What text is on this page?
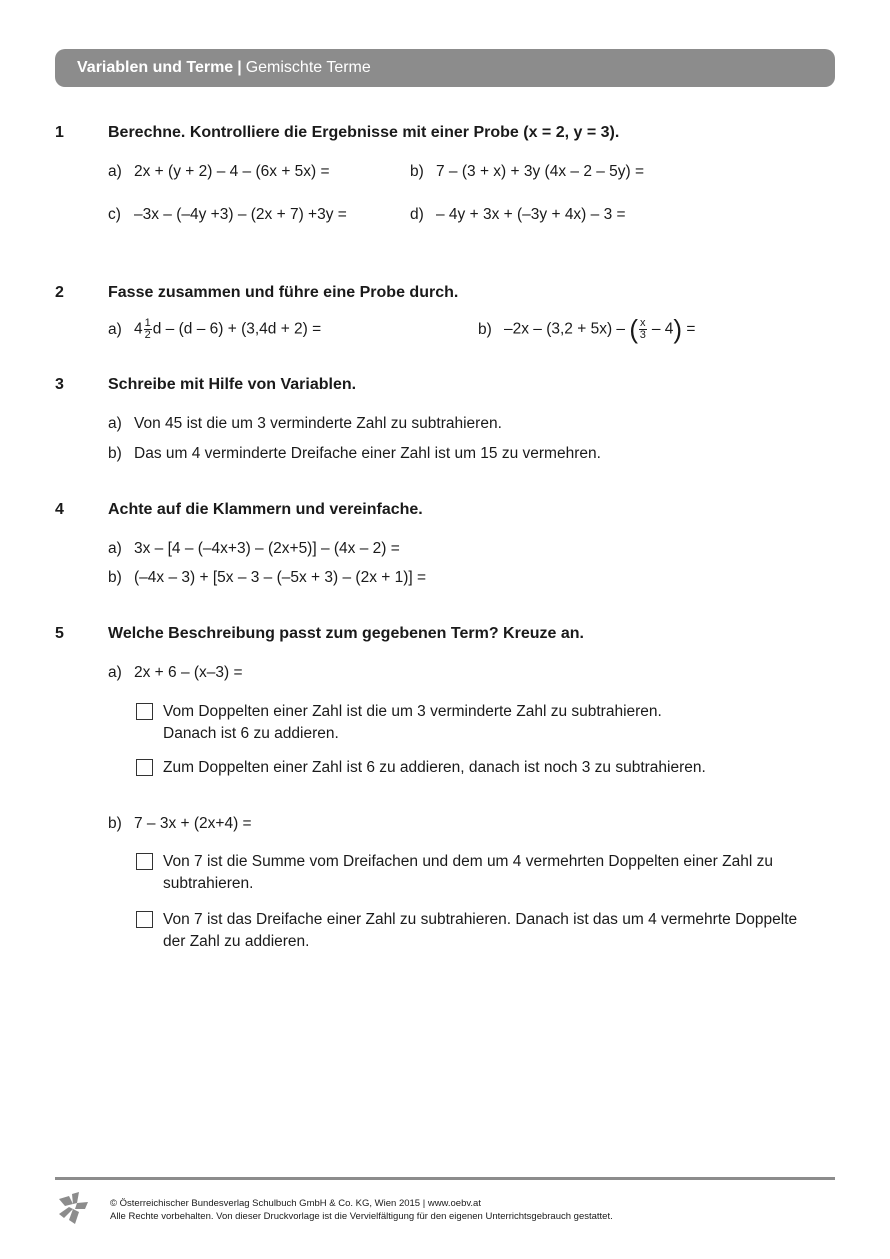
Variablen und Terme | Gemischte Terme
1	Berechne. Kontrolliere die Ergebnisse mit einer Probe (x = 2, y = 3).
a) 2x + (y + 2) – 4 – (6x + 5x) =	b) 7 – (3 + x) + 3y (4x – 2 – 5y) =
c) –3x – (–4y +3) – (2x + 7) +3y =	d) – 4y + 3x + (–3y + 4x) – 3 =
2	Fasse zusammen und führe eine Probe durch.
a) $4 \frac{1}{2}$ d – (d – 6) + (3,4d + 2) =	b) –2x – (3,2 + 5x) – ( $\frac{x}{3} - 4$) =
3	Schreibe mit Hilfe von Variablen.
a) Von 45 ist die um 3 verminderte Zahl zu subtrahieren.
b) Das um 4 verminderte Dreifache einer Zahl ist um 15 zu vermehren.
4	Achte auf die Klammern und vereinfache.
a) 3x – [4 – (–4x+3) – (2x+5)] – (4x – 2) =
b) (–4x – 3) + [5x – 3 – (–5x + 3) – (2x + 1)] =
5	Welche Beschreibung passt zum gegebenen Term? Kreuze an.
a) 2x + 6 – (x–3) =
Vom Doppelten einer Zahl ist die um 3 verminderte Zahl zu subtrahieren.
Danach ist 6 zu addieren.
Zum Doppelten einer Zahl ist 6 zu addieren, danach ist noch 3 zu subtrahieren.
b) 7 – 3x + (2x+4) =
Von 7 ist die Summe vom Dreifachen und dem um 4 vermehrten Doppelten einer Zahl zu
subtrahieren.
Von 7 ist das Dreifache einer Zahl zu subtrahieren. Danach ist das um 4 vermehrte Doppelte
der Zahl zu addieren.
© Österreichischer Bundesverlag Schulbuch GmbH & Co. KG, Wien 2015 | www.oebv.at
Alle Rechte vorbehalten. Von dieser Druckvorlage ist die Vervielfältigung für den eigenen Unterrichtsgebrauch gestattet.
